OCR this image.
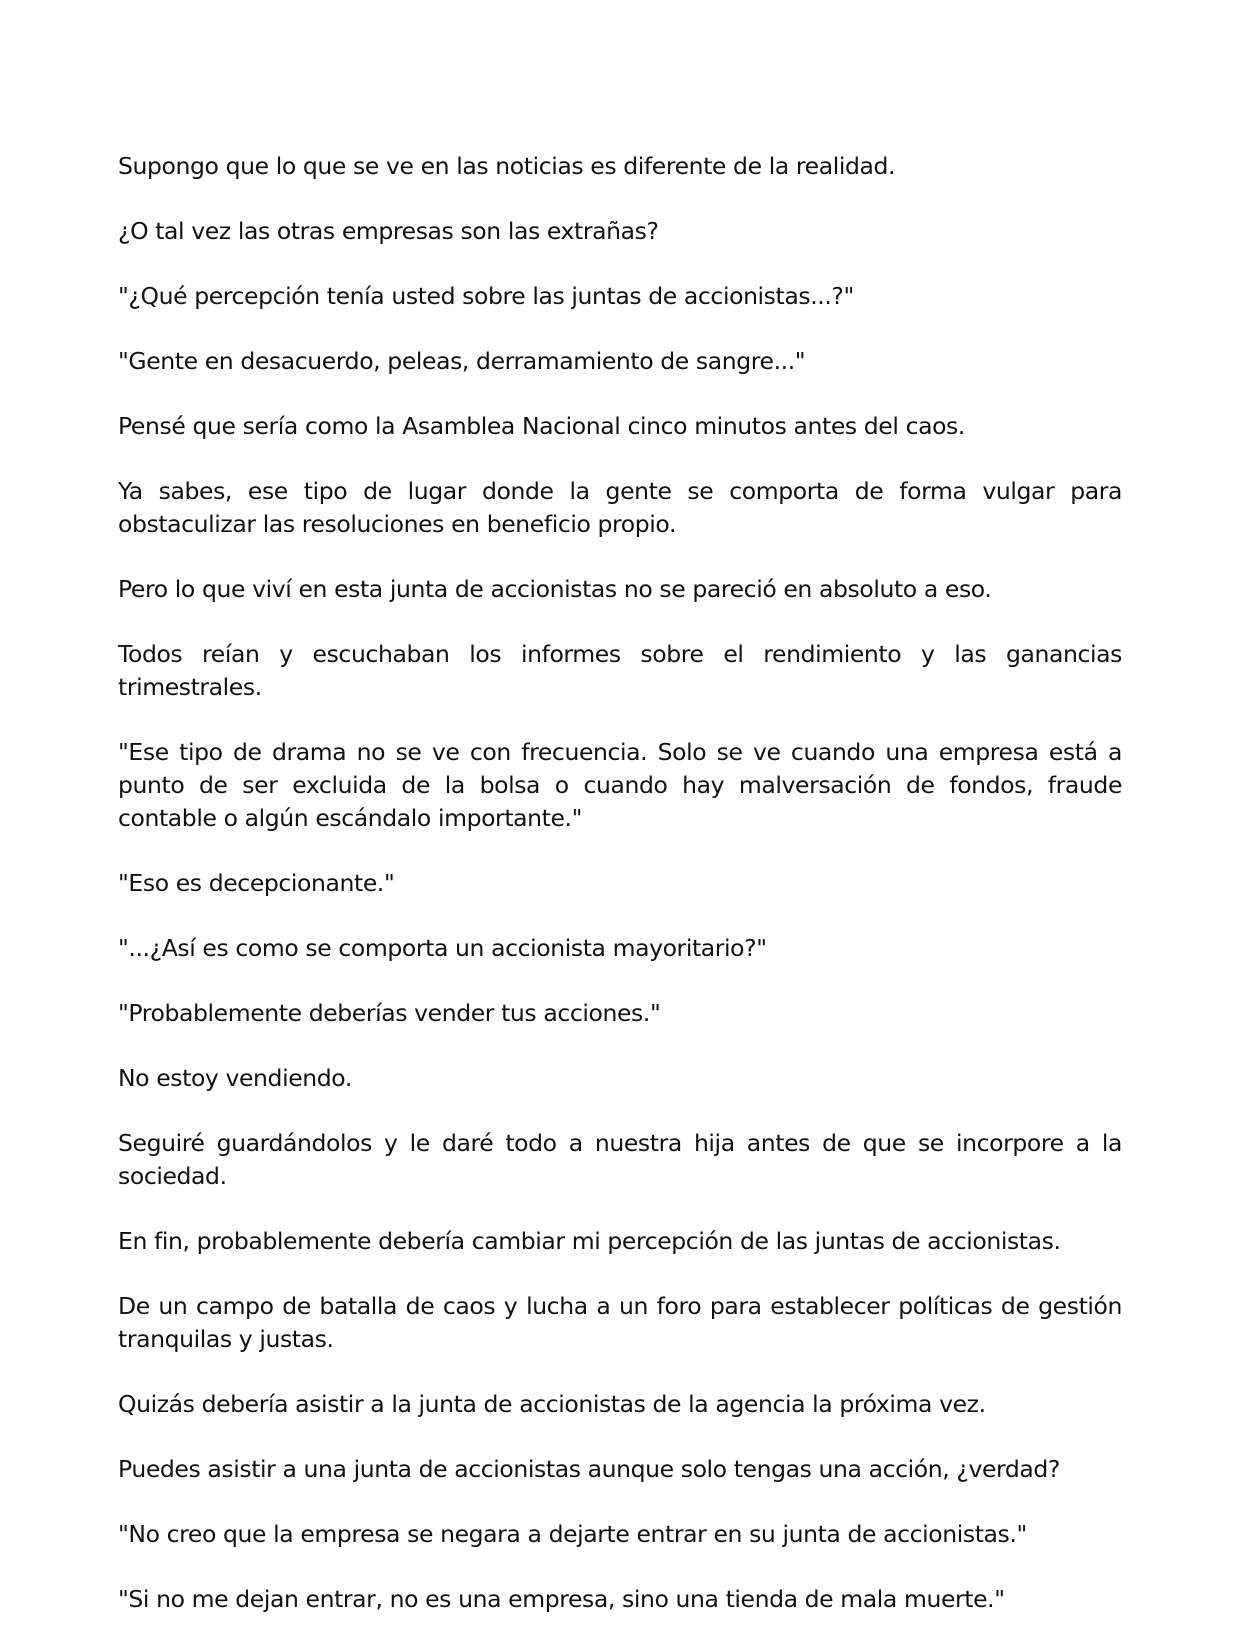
Supongo que lo que se ve en las noticias es diferente de la realidad.

¿O tal vez las otras empresas son las extrañas?

"¿Qué percepción tenía usted sobre las juntas de accionistas...?"

"Gente en desacuerdo, peleas, derramamiento de sangre..."

Pensé que sería como la Asamblea Nacional cinco minutos antes del caos.

Ya sabes, ese tipo de lugar donde la gente se comporta de forma vulgar para obstaculizar las resoluciones en beneficio propio.

Pero lo que viví en esta junta de accionistas no se pareció en absoluto a eso.

Todos reían y escuchaban los informes sobre el rendimiento y las ganancias trimestrales.

"Ese tipo de drama no se ve con frecuencia. Solo se ve cuando una empresa está a punto de ser excluida de la bolsa o cuando hay malversación de fondos, fraude contable o algún escándalo importante."

"Eso es decepcionante."

"...¿Así es como se comporta un accionista mayoritario?"

"Probablemente deberías vender tus acciones."

No estoy vendiendo.

Seguiré guardándolos y le daré todo a nuestra hija antes de que se incorpore a la sociedad.

En fin, probablemente debería cambiar mi percepción de las juntas de accionistas.

De un campo de batalla de caos y lucha a un foro para establecer políticas de gestión tranquilas y justas.

Quizás debería asistir a la junta de accionistas de la agencia la próxima vez.

Puedes asistir a una junta de accionistas aunque solo tengas una acción, ¿verdad?

"No creo que la empresa se negara a dejarte entrar en su junta de accionistas."

"Si no me dejan entrar, no es una empresa, sino una tienda de mala muerte."
